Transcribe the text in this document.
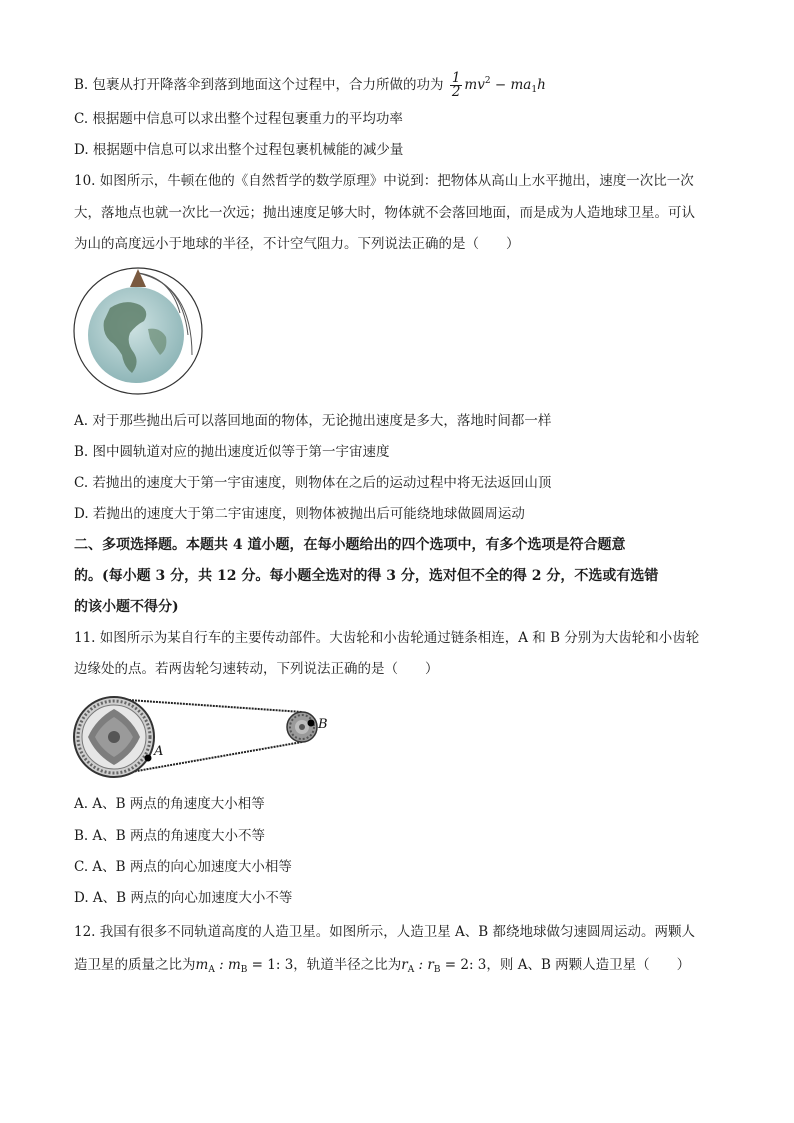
B. 包裹从打开降落伞到落到地面这个过程中，合力所做的功为 $\frac{1}{2} mv^2 - ma_1h$
C. 根据题中信息可以求出整个过程包裹重力的平均功率
D. 根据题中信息可以求出整个过程包裹机械能的减少量
10. 如图所示，牛顿在他的《自然哲学的数学原理》中说到：把物体从高山上水平抛出，速度一次比一次
大，落地点也就一次比一次远；抛出速度足够大时，物体就不会落回地面，而是成为人造地球卫星。可认
为山的高度远小于地球的半径，不计空气阻力。下列说法正确的是（　　）
A. 对于那些抛出后可以落回地面的物体，无论抛出速度是多大，落地时间都一样
B. 图中圆轨道对应的抛出速度近似等于第一宇宙速度
C. 若抛出的速度大于第一宇宙速度，则物体在之后的运动过程中将无法返回山顶
D. 若抛出的速度大于第二宇宙速度，则物体被抛出后可能绕地球做圆周运动
二、多项选择题。本题共 4 道小题，在每小题给出的四个选项中，有多个选项是符合题意
的。(每小题 3 分，共 12 分。每小题全选对的得 3 分，选对但不全的得 2 分，不选或有选错
的该小题不得分)
11. 如图所示为某自行车的主要传动部件。大齿轮和小齿轮通过链条相连，A 和 B 分别为大齿轮和小齿轮
边缘处的点。若两齿轮匀速转动，下列说法正确的是（　　）
A
B
A. A、B 两点的角速度大小相等
B. A、B 两点的角速度大小不等
C. A、B 两点的向心加速度大小相等
D. A、B 两点的向心加速度大小不等
12. 我国有很多不同轨道高度的人造卫星。如图所示，人造卫星 A、B 都绕地球做匀速圆周运动。两颗人
造卫星的质量之比为$m_A$ : $m_B = 1$: 3，轨道半径之比为$r_A$ : $r_B = 2$: 3，则 A、B 两颗人造卫星（　　）
